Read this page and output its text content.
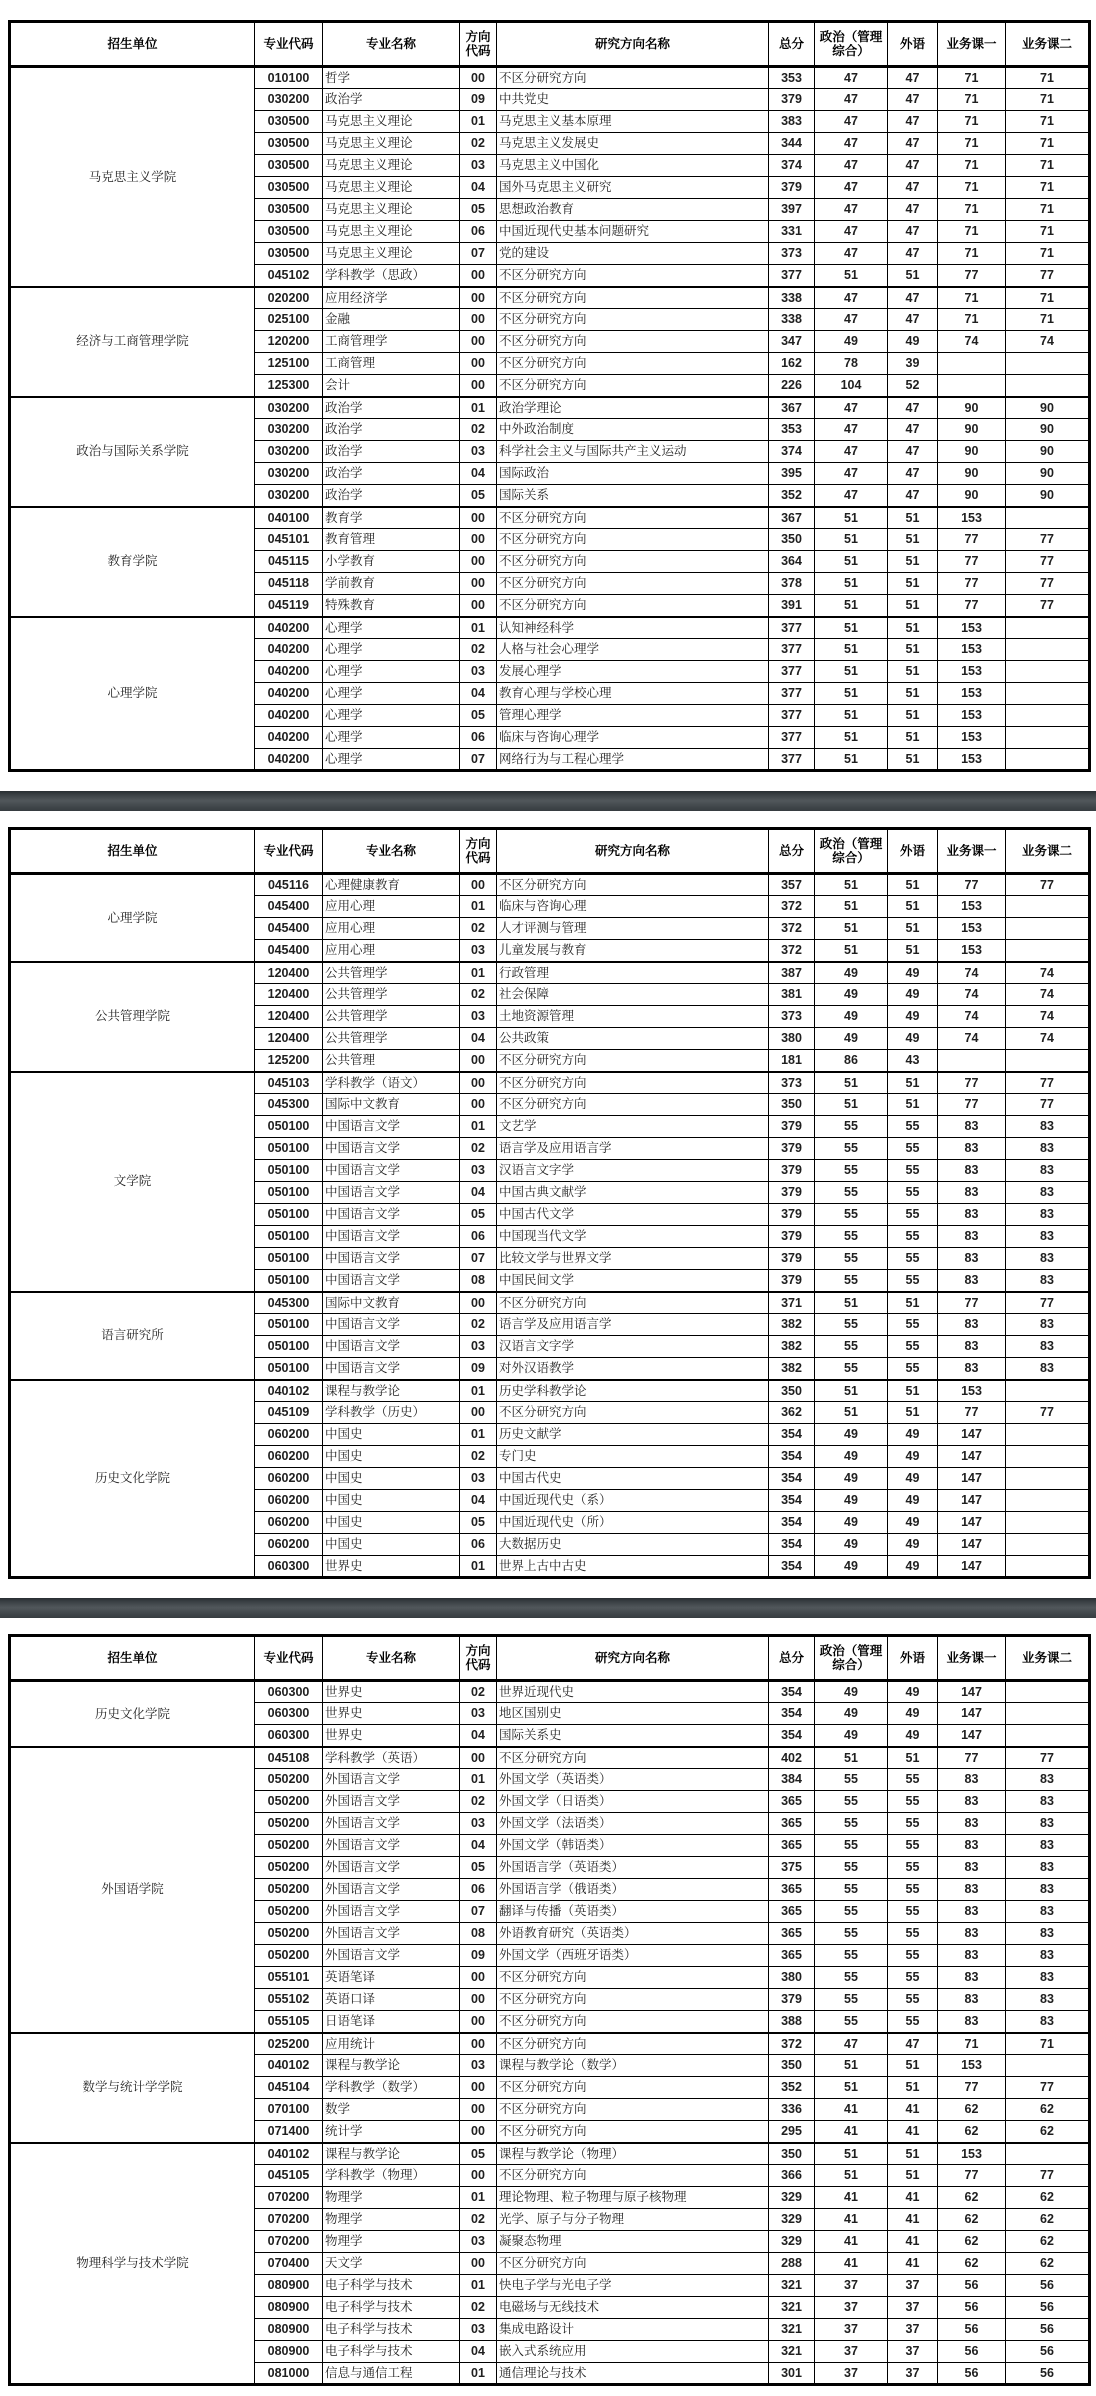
招生单位	专业代码	专业名称	方向代码	研究方向名称	总分	政治（管理综合）	外语	业务课一	业务课二
马克思主义学院	010100	哲学	00	不区分研究方向	353	47	47	71	71
	030200	政治学	09	中共党史	379	47	47	71	71
	030500	马克思主义理论	01	马克思主义基本原理	383	47	47	71	71
	030500	马克思主义理论	02	马克思主义发展史	344	47	47	71	71
	030500	马克思主义理论	03	马克思主义中国化	374	47	47	71	71
	030500	马克思主义理论	04	国外马克思主义研究	379	47	47	71	71
	030500	马克思主义理论	05	思想政治教育	397	47	47	71	71
	030500	马克思主义理论	06	中国近现代史基本问题研究	331	47	47	71	71
	030500	马克思主义理论	07	党的建设	373	47	47	71	71
	045102	学科教学（思政）	00	不区分研究方向	377	51	51	77	77
经济与工商管理学院	020200	应用经济学	00	不区分研究方向	338	47	47	71	71
	025100	金融	00	不区分研究方向	338	47	47	71	71
	120200	工商管理学	00	不区分研究方向	347	49	49	74	74
	125100	工商管理	00	不区分研究方向	162	78	39		
	125300	会计	00	不区分研究方向	226	104	52		
政治与国际关系学院	030200	政治学	01	政治学理论	367	47	47	90	90
	030200	政治学	02	中外政治制度	353	47	47	90	90
	030200	政治学	03	科学社会主义与国际共产主义运动	374	47	47	90	90
	030200	政治学	04	国际政治	395	47	47	90	90
	030200	政治学	05	国际关系	352	47	47	90	90
教育学院	040100	教育学	00	不区分研究方向	367	51	51	153	
	045101	教育管理	00	不区分研究方向	350	51	51	77	77
	045115	小学教育	00	不区分研究方向	364	51	51	77	77
	045118	学前教育	00	不区分研究方向	378	51	51	77	77
	045119	特殊教育	00	不区分研究方向	391	51	51	77	77
心理学院	040200	心理学	01	认知神经科学	377	51	51	153	
	040200	心理学	02	人格与社会心理学	377	51	51	153	
	040200	心理学	03	发展心理学	377	51	51	153	
	040200	心理学	04	教育心理与学校心理	377	51	51	153	
	040200	心理学	05	管理心理学	377	51	51	153	
	040200	心理学	06	临床与咨询心理学	377	51	51	153	
	040200	心理学	07	网络行为与工程心理学	377	51	51	153	
招生单位	专业代码	专业名称	方向代码	研究方向名称	总分	政治（管理综合）	外语	业务课一	业务课二
心理学院	045116	心理健康教育	00	不区分研究方向	357	51	51	77	77
	045400	应用心理	01	临床与咨询心理	372	51	51	153	
	045400	应用心理	02	人才评测与管理	372	51	51	153	
	045400	应用心理	03	儿童发展与教育	372	51	51	153	
公共管理学院	120400	公共管理学	01	行政管理	387	49	49	74	74
	120400	公共管理学	02	社会保障	381	49	49	74	74
	120400	公共管理学	03	土地资源管理	373	49	49	74	74
	120400	公共管理学	04	公共政策	380	49	49	74	74
	125200	公共管理	00	不区分研究方向	181	86	43		
文学院	045103	学科教学（语文）	00	不区分研究方向	373	51	51	77	77
	045300	国际中文教育	00	不区分研究方向	350	51	51	77	77
	050100	中国语言文学	01	文艺学	379	55	55	83	83
	050100	中国语言文学	02	语言学及应用语言学	379	55	55	83	83
	050100	中国语言文学	03	汉语言文字学	379	55	55	83	83
	050100	中国语言文学	04	中国古典文献学	379	55	55	83	83
	050100	中国语言文学	05	中国古代文学	379	55	55	83	83
	050100	中国语言文学	06	中国现当代文学	379	55	55	83	83
	050100	中国语言文学	07	比较文学与世界文学	379	55	55	83	83
	050100	中国语言文学	08	中国民间文学	379	55	55	83	83
语言研究所	045300	国际中文教育	00	不区分研究方向	371	51	51	77	77
	050100	中国语言文学	02	语言学及应用语言学	382	55	55	83	83
	050100	中国语言文学	03	汉语言文字学	382	55	55	83	83
	050100	中国语言文学	09	对外汉语教学	382	55	55	83	83
历史文化学院	040102	课程与教学论	01	历史学科教学论	350	51	51	153	
	045109	学科教学（历史）	00	不区分研究方向	362	51	51	77	77
	060200	中国史	01	历史文献学	354	49	49	147	
	060200	中国史	02	专门史	354	49	49	147	
	060200	中国史	03	中国古代史	354	49	49	147	
	060200	中国史	04	中国近现代史（系）	354	49	49	147	
	060200	中国史	05	中国近现代史（所）	354	49	49	147	
	060200	中国史	06	大数据历史	354	49	49	147	
	060300	世界史	01	世界上古中古史	354	49	49	147	
招生单位	专业代码	专业名称	方向代码	研究方向名称	总分	政治（管理综合）	外语	业务课一	业务课二
历史文化学院	060300	世界史	02	世界近现代史	354	49	49	147	
	060300	世界史	03	地区国别史	354	49	49	147	
	060300	世界史	04	国际关系史	354	49	49	147	
外国语学院	045108	学科教学（英语）	00	不区分研究方向	402	51	51	77	77
	050200	外国语言文学	01	外国文学（英语类）	384	55	55	83	83
	050200	外国语言文学	02	外国文学（日语类）	365	55	55	83	83
	050200	外国语言文学	03	外国文学（法语类）	365	55	55	83	83
	050200	外国语言文学	04	外国文学（韩语类）	365	55	55	83	83
	050200	外国语言文学	05	外国语言学（英语类）	375	55	55	83	83
	050200	外国语言文学	06	外国语言学（俄语类）	365	55	55	83	83
	050200	外国语言文学	07	翻译与传播（英语类）	365	55	55	83	83
	050200	外国语言文学	08	外语教育研究（英语类）	365	55	55	83	83
	050200	外国语言文学	09	外国文学（西班牙语类）	365	55	55	83	83
	055101	英语笔译	00	不区分研究方向	380	55	55	83	83
	055102	英语口译	00	不区分研究方向	379	55	55	83	83
	055105	日语笔译	00	不区分研究方向	388	55	55	83	83
数学与统计学学院	025200	应用统计	00	不区分研究方向	372	47	47	71	71
	040102	课程与教学论	03	课程与教学论（数学）	350	51	51	153	
	045104	学科教学（数学）	00	不区分研究方向	352	51	51	77	77
	070100	数学	00	不区分研究方向	336	41	41	62	62
	071400	统计学	00	不区分研究方向	295	41	41	62	62
物理科学与技术学院	040102	课程与教学论	05	课程与教学论（物理）	350	51	51	153	
	045105	学科教学（物理）	00	不区分研究方向	366	51	51	77	77
	070200	物理学	01	理论物理、粒子物理与原子核物理	329	41	41	62	62
	070200	物理学	02	光学、原子与分子物理	329	41	41	62	62
	070200	物理学	03	凝聚态物理	329	41	41	62	62
	070400	天文学	00	不区分研究方向	288	41	41	62	62
	080900	电子科学与技术	01	快电子学与光电子学	321	37	37	56	56
	080900	电子科学与技术	02	电磁场与无线技术	321	37	37	56	56
	080900	电子科学与技术	03	集成电路设计	321	37	37	56	56
	080900	电子科学与技术	04	嵌入式系统应用	321	37	37	56	56
	081000	信息与通信工程	01	通信理论与技术	301	37	37	56	56
